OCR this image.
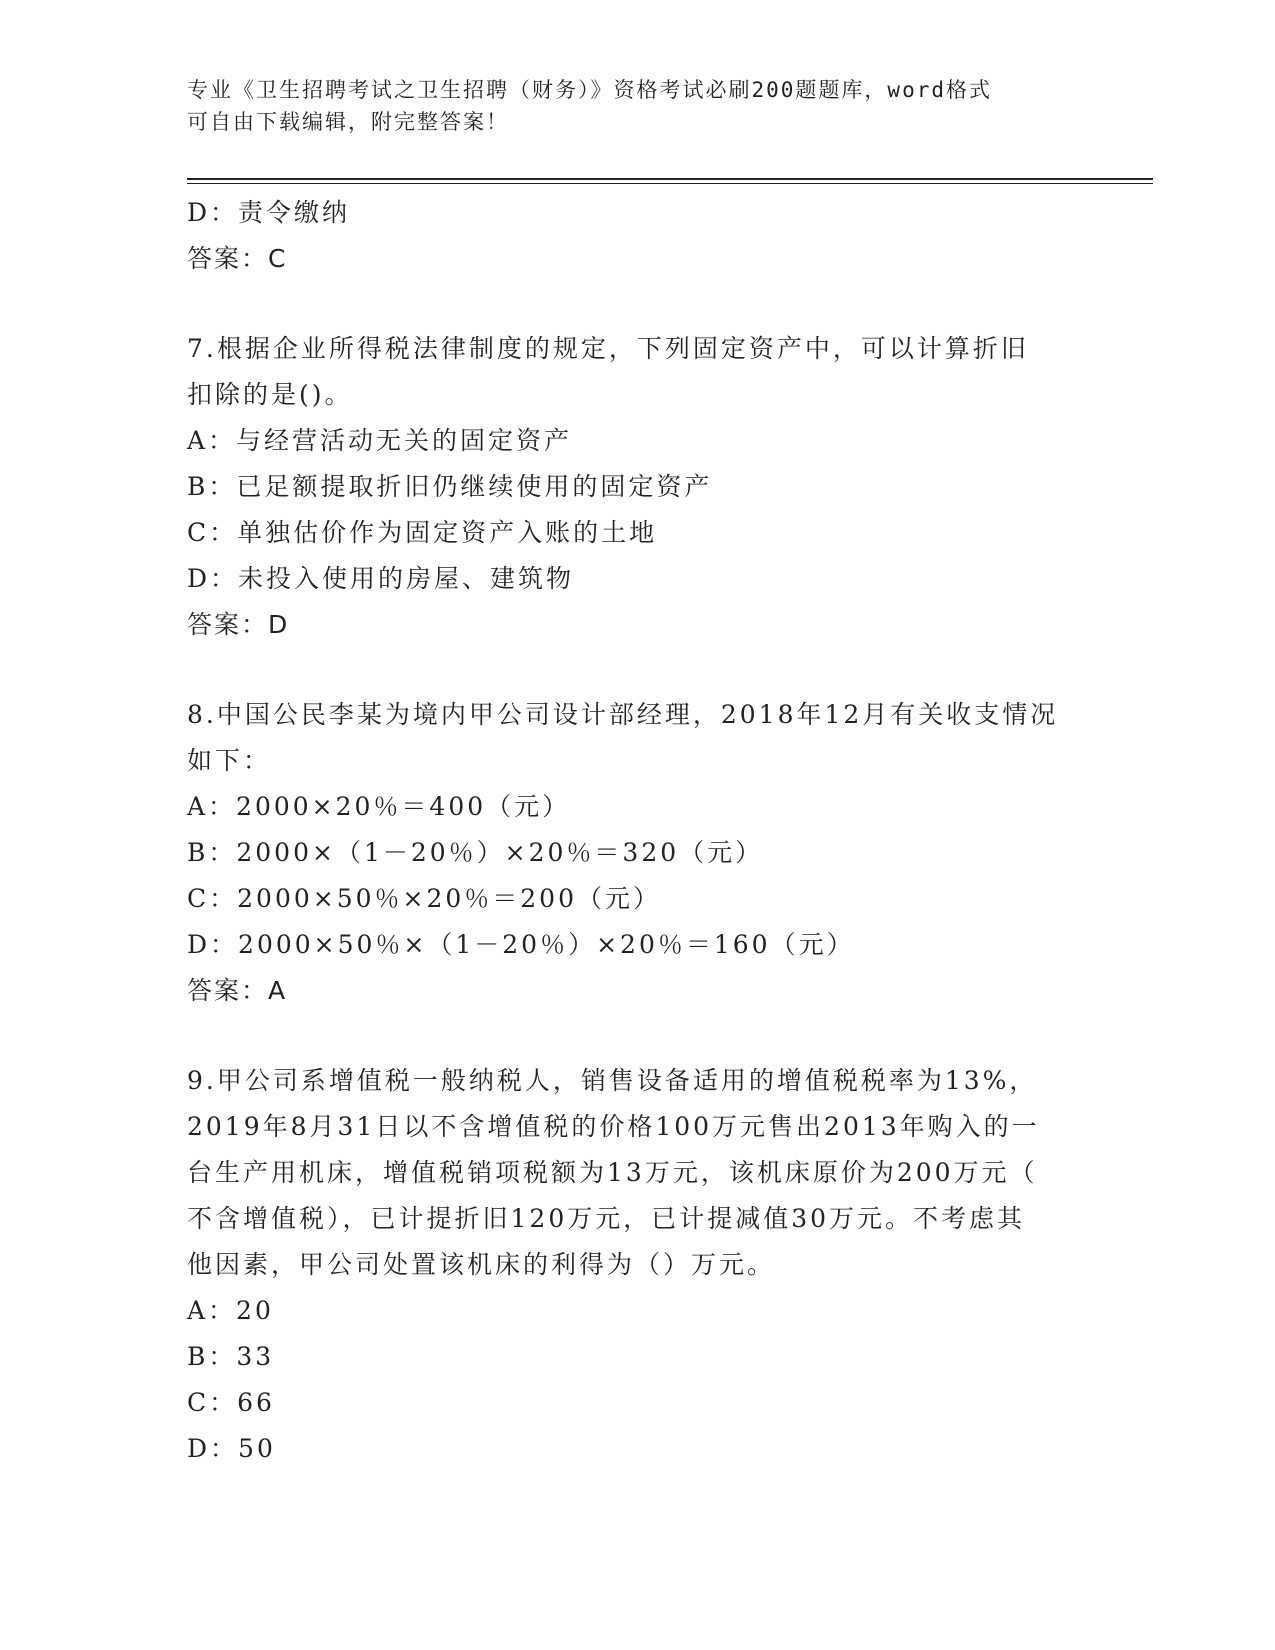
专业《卫生招聘考试之卫生招聘（财务）》资格考试必刷200题题库，word格式
可自由下载编辑，附完整答案！
D：责令缴纳
答案：C
7.根据企业所得税法律制度的规定，下列固定资产中，可以计算折旧
扣除的是()。
A：与经营活动无关的固定资产
B：已足额提取折旧仍继续使用的固定资产
C：单独估价作为固定资产入账的土地
D：未投入使用的房屋、建筑物
答案：D
8.中国公民李某为境内甲公司设计部经理，2018年12月有关收支情况
如下：
A：2000×20％＝400（元）
B：2000×（1－20％）×20％＝320（元）
C：2000×50％×20％＝200（元）
D：2000×50％×（1－20％）×20％＝160（元）
答案：A
9.甲公司系增值税一般纳税人，销售设备适用的增值税税率为13%，
2019年8月31日以不含增值税的价格100万元售出2013年购入的一
台生产用机床，增值税销项税额为13万元，该机床原价为200万元（
不含增值税），已计提折旧120万元，已计提减值30万元。不考虑其
他因素，甲公司处置该机床的利得为（）万元。
A：20
B：33
C：66
D：50
